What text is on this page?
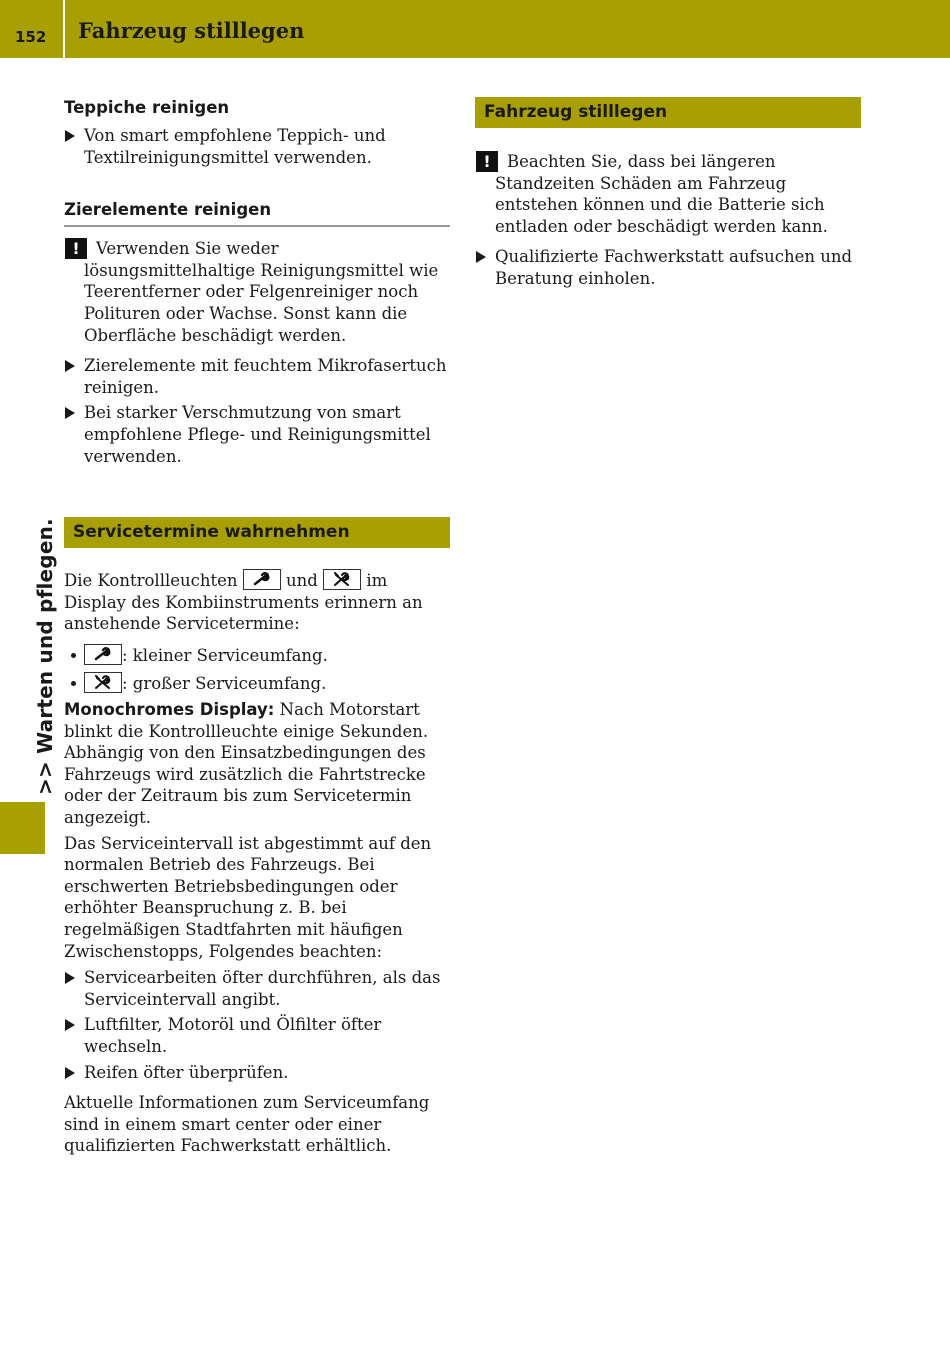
152 Fahrzeug stilllegen
>> Warten und pflegen.
Teppiche reinigen
Von smart empfohlene Teppich- und Textilreinigungsmittel verwenden.
Zierelemente reinigen
! Verwenden Sie weder lösungsmittelhaltige Reinigungsmittel wie Teerentferner oder Felgenreiniger noch Polituren oder Wachse. Sonst kann die Oberfläche beschädigt werden.
Zierelemente mit feuchtem Mikrofasertuch reinigen.
Bei starker Verschmutzung von smart empfohlene Pflege- und Reinigungsmittel verwenden.
Servicetermine wahrnehmen

Die Kontrollleuchten	und	im Display des Kombiinstruments erinnern an anstehende Servicetermine:

: kleiner Serviceumfang.
: großer Serviceumfang.

Monochromes Display: Nach Motorstart blinkt die Kontrollleuchte einige Sekunden. Abhängig von den Einsatzbedingungen des Fahrzeugs wird zusätzlich die Fahrtstrecke oder der Zeitraum bis zum Servicetermin angezeigt.

Das Serviceintervall ist abgestimmt auf den normalen Betrieb des Fahrzeugs. Bei erschwerten Betriebsbedingungen oder erhöhter Beanspruchung z. B. bei regelmäßigen Stadtfahrten mit häufigen Zwischenstopps, Folgendes beachten:

Servicearbeiten öfter durchführen, als das Serviceintervall angibt.
Luftfilter, Motoröl und Ölfilter öfter wechseln.
Reifen öfter überprüfen.

Aktuelle Informationen zum Serviceumfang sind in einem smart center oder einer qualifizierten Fachwerkstatt erhältlich.

Fahrzeug stilllegen
! Beachten Sie, dass bei längeren Standzeiten Schäden am Fahrzeug entstehen können und die Batterie sich entladen oder beschädigt werden kann.
Qualifizierte Fachwerkstatt aufsuchen und Beratung einholen.
